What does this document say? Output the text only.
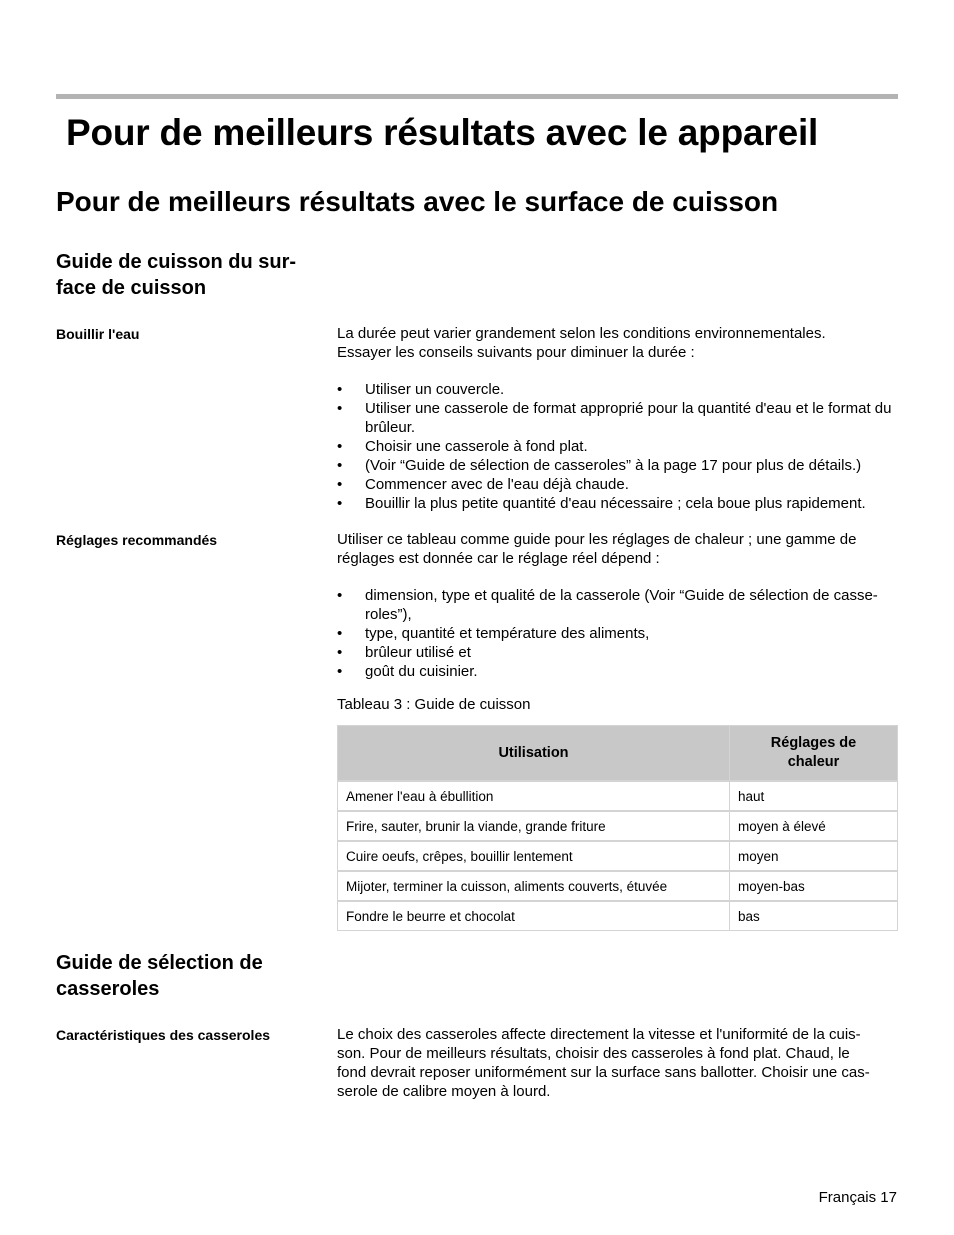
Pour de meilleurs résultats avec le appareil
Pour de meilleurs résultats avec le surface de cuisson
Guide de cuisson du sur-
face de cuisson
Bouillir l'eau	La durée peut varier grandement selon les conditions environnementales.

Essayer les conseils suivants pour diminuer la durée :

• Utiliser un couvercle.
• Utiliser une casserole de format approprié pour la quantité d'eau et le format du brûleur.
• Choisir une casserole à fond plat.
• (Voir “Guide de sélection de casseroles” à la page 17 pour plus de détails.)
• Commencer avec de l'eau déjà chaude.
• Bouillir la plus petite quantité d'eau nécessaire ; cela boue plus rapidement.
Réglages recommandés	Utiliser ce tableau comme guide pour les réglages de chaleur ; une gamme de

réglages est donnée car le réglage réel dépend :

• dimension, type et qualité de la casserole (Voir “Guide de sélection de casse-roles”),
• type, quantité et température des aliments,
• brûleur utilisé et
• goût du cuisinier.
Tableau 3 : Guide de cuisson
Utilisation	Réglages de
chaleur

Amener l'eau à ébullition	haut
Frire, sauter, brunir la viande, grande friture	moyen à élevé
Cuire oeufs, crêpes, bouillir lentement	moyen
Mijoter, terminer la cuisson, aliments couverts, étuvée	moyen-bas
Fondre le beurre et chocolat	bas
Guide de sélection de
casseroles
Caractéristiques des casseroles	Le choix des casseroles affecte directement la vitesse et l'uniformité de la cuis-

son. Pour de meilleurs résultats, choisir des casseroles à fond plat. Chaud, le

fond devrait reposer uniformément sur la surface sans ballotter. Choisir une cas-

serole de calibre moyen à lourd.

Français 17
